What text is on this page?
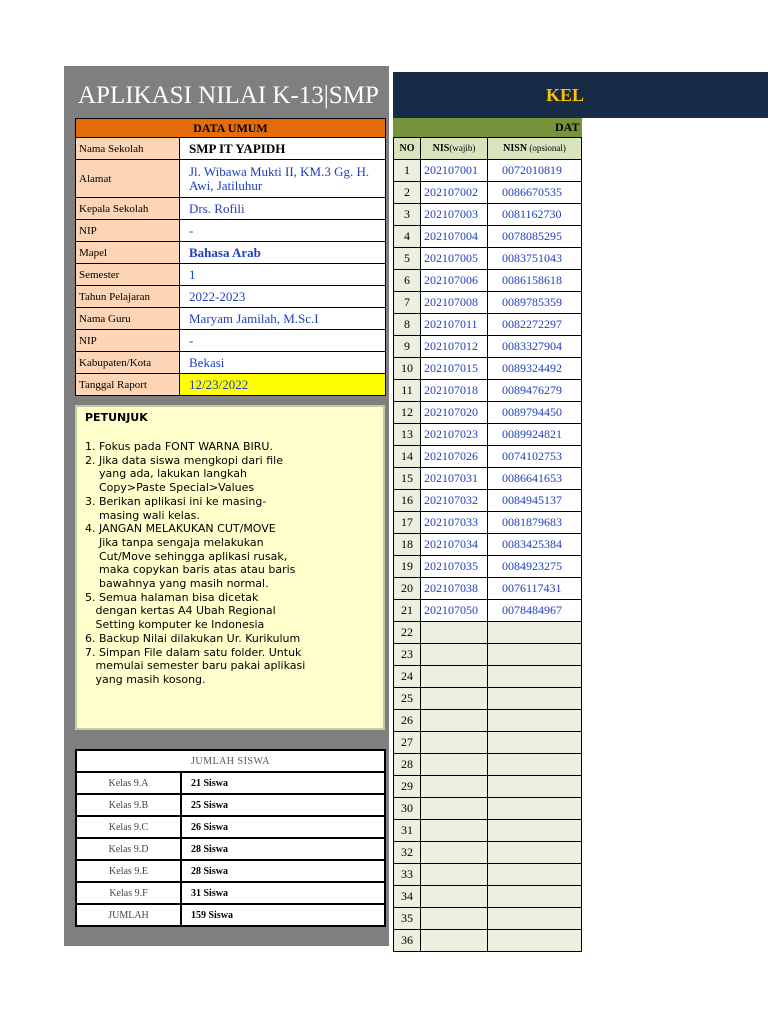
APLIKASI NILAI K-13|SMP	KEL
DATA UMUM	
Nama Sekolah	SMP IT YAPIDH
Alamat	Jl. Wibawa Mukti II, KM.3 Gg. H. Awi, Jatiluhur
Kepala Sekolah	Drs. Rofili
NIP	-
Mapel	Bahasa Arab
Semester	1
Tahun Pelajaran	2022-2023
Nama Guru	Maryam Jamilah, M.Sc.I
NIP	-
Kabupaten/Kota	Bekasi
Tanggal Raport	12/23/2022
PETUNJUK
1. Fokus pada FONT WARNA BIRU.
2. Jika data siswa mengkopi dari file
yang ada, lakukan langkah
Copy>Paste Special>Values
3. Berikan aplikasi ini ke masing-
masing wali kelas.
4. JANGAN MELAKUKAN CUT/MOVE
Jika tanpa sengaja melakukan
Cut/Move sehingga aplikasi rusak,
maka copykan baris atas atau baris
bawahnya yang masih normal.
5. Semua halaman bisa dicetak
dengan kertas A4 Ubah Regional
Setting komputer ke Indonesia
6. Backup Nilai dilakukan Ur. Kurikulum
7. Simpan File dalam satu folder. Untuk
memulai semester baru pakai aplikasi
yang masih kosong.
JUMLAH SISWA	
Kelas 9.A	21 Siswa
Kelas 9.B	25 Siswa
Kelas 9.C	26 Siswa
Kelas 9.D	28 Siswa
Kelas 9.E	28 Siswa
Kelas 9.F	31 Siswa
JUMLAH	159 Siswa
DAT
NO	NIS(wajib)	NISN (opsional)
1	202107001	0072010819
2	202107002	0086670535
3	202107003	0081162730
4	202107004	0078085295
5	202107005	0083751043
6	202107006	0086158618
7	202107008	0089785359
8	202107011	0082272297
9	202107012	0083327904
10	202107015	0089324492
11	202107018	0089476279
12	202107020	0089794450
13	202107023	0089924821
14	202107026	0074102753
15	202107031	0086641653
16	202107032	0084945137
17	202107033	0081879683
18	202107034	0083425384
19	202107035	0084923275
20	202107038	0076117431
21	202107050	0078484967
22		
23		
24		
25		
26		
27		
28		
29		
30		
31		
32		
33		
34		
35		
36		
